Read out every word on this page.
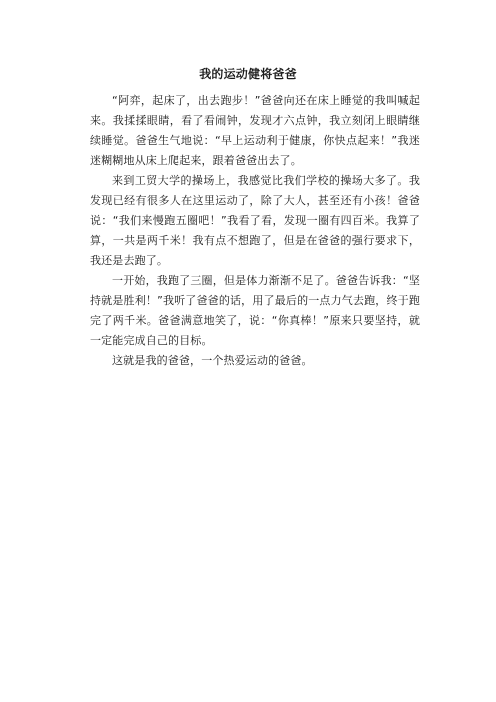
我的运动健将爸爸

“阿弈，起床了，出去跑步！”爸爸向还在床上睡觉的我叫喊起来。我揉揉眼睛，看了看闹钟，发现才六点钟，我立刻闭上眼睛继续睡觉。爸爸生气地说：“早上运动利于健康，你快点起来！”我迷迷糊糊地从床上爬起来，跟着爸爸出去了。

来到工贸大学的操场上，我感觉比我们学校的操场大多了。我发现已经有很多人在这里运动了，除了大人，甚至还有小孩！爸爸说：“我们来慢跑五圈吧！”我看了看，发现一圈有四百米。我算了算，一共是两千米！我有点不想跑了，但是在爸爸的强行要求下，我还是去跑了。

一开始，我跑了三圈，但是体力渐渐不足了。爸爸告诉我：“坚持就是胜利！”我听了爸爸的话，用了最后的一点力气去跑，终于跑完了两千米。爸爸满意地笑了，说：“你真棒！”原来只要坚持，就一定能完成自己的目标。

这就是我的爸爸，一个热爱运动的爸爸。
